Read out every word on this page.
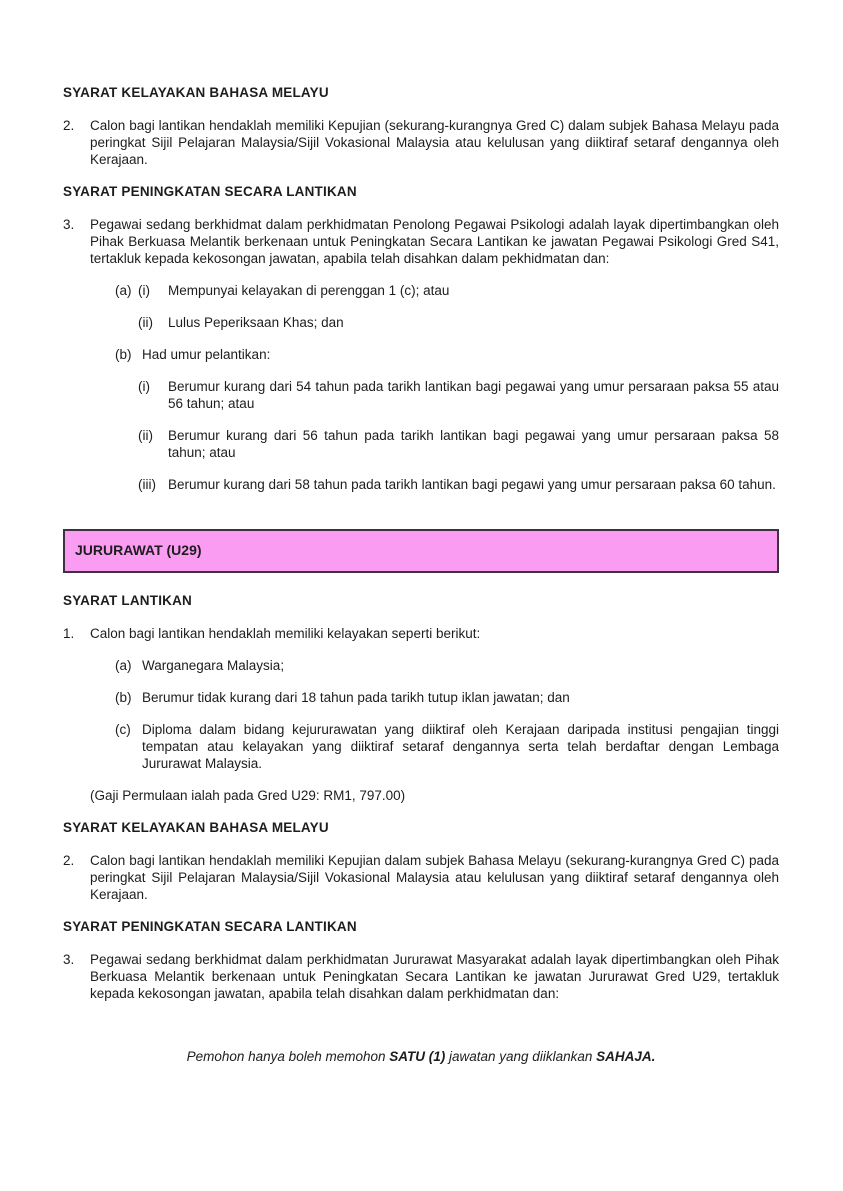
SYARAT KELAYAKAN BAHASA MELAYU
2.	Calon bagi lantikan hendaklah memiliki Kepujian (sekurang-kurangnya Gred C) dalam subjek Bahasa Melayu pada peringkat Sijil Pelajaran Malaysia/Sijil Vokasional Malaysia atau kelulusan yang diiktiraf setaraf dengannya oleh Kerajaan.
SYARAT PENINGKATAN SECARA LANTIKAN
3.	Pegawai sedang berkhidmat dalam perkhidmatan Penolong Pegawai Psikologi adalah layak dipertimbangkan oleh Pihak Berkuasa Melantik berkenaan untuk Peningkatan Secara Lantikan ke jawatan Pegawai Psikologi Gred S41, tertakluk kepada kekosongan jawatan, apabila telah disahkan dalam pekhidmatan dan:
(a) (i)	Mempunyai kelayakan di perenggan 1 (c); atau
(ii)	Lulus Peperiksaan Khas; dan
(b) Had umur pelantikan:
(i)	Berumur kurang dari 54 tahun pada tarikh lantikan bagi pegawai yang umur persaraan paksa 55 atau 56 tahun; atau
(ii)	Berumur kurang dari 56 tahun pada tarikh lantikan bagi pegawai yang umur persaraan paksa 58 tahun; atau
(iii) Berumur kurang dari 58 tahun pada tarikh lantikan bagi pegawi yang umur persaraan paksa 60 tahun.
JURURAWAT (U29)
SYARAT LANTIKAN
1.	Calon bagi lantikan hendaklah memiliki kelayakan seperti berikut:
(a) Warganegara Malaysia;
(b) Berumur tidak kurang dari 18 tahun pada tarikh tutup iklan jawatan; dan
(c) Diploma dalam bidang kejururawatan yang diiktiraf oleh Kerajaan daripada institusi pengajian tinggi tempatan atau kelayakan yang diiktiraf setaraf dengannya serta telah berdaftar dengan Lembaga Jururawat Malaysia.
(Gaji Permulaan ialah pada Gred U29: RM1, 797.00)
SYARAT KELAYAKAN BAHASA MELAYU
2.	Calon bagi lantikan hendaklah memiliki Kepujian dalam subjek Bahasa Melayu (sekurang-kurangnya Gred C) pada peringkat Sijil Pelajaran Malaysia/Sijil Vokasional Malaysia atau kelulusan yang diiktiraf setaraf dengannya oleh Kerajaan.
SYARAT PENINGKATAN SECARA LANTIKAN
3.	Pegawai sedang berkhidmat dalam perkhidmatan Jururawat Masyarakat adalah layak dipertimbangkan oleh Pihak Berkuasa Melantik berkenaan untuk Peningkatan Secara Lantikan ke jawatan Jururawat Gred U29, tertakluk kepada kekosongan jawatan, apabila telah disahkan dalam perkhidmatan dan:
Pemohon hanya boleh memohon SATU (1) jawatan yang diiklankan SAHAJA.
